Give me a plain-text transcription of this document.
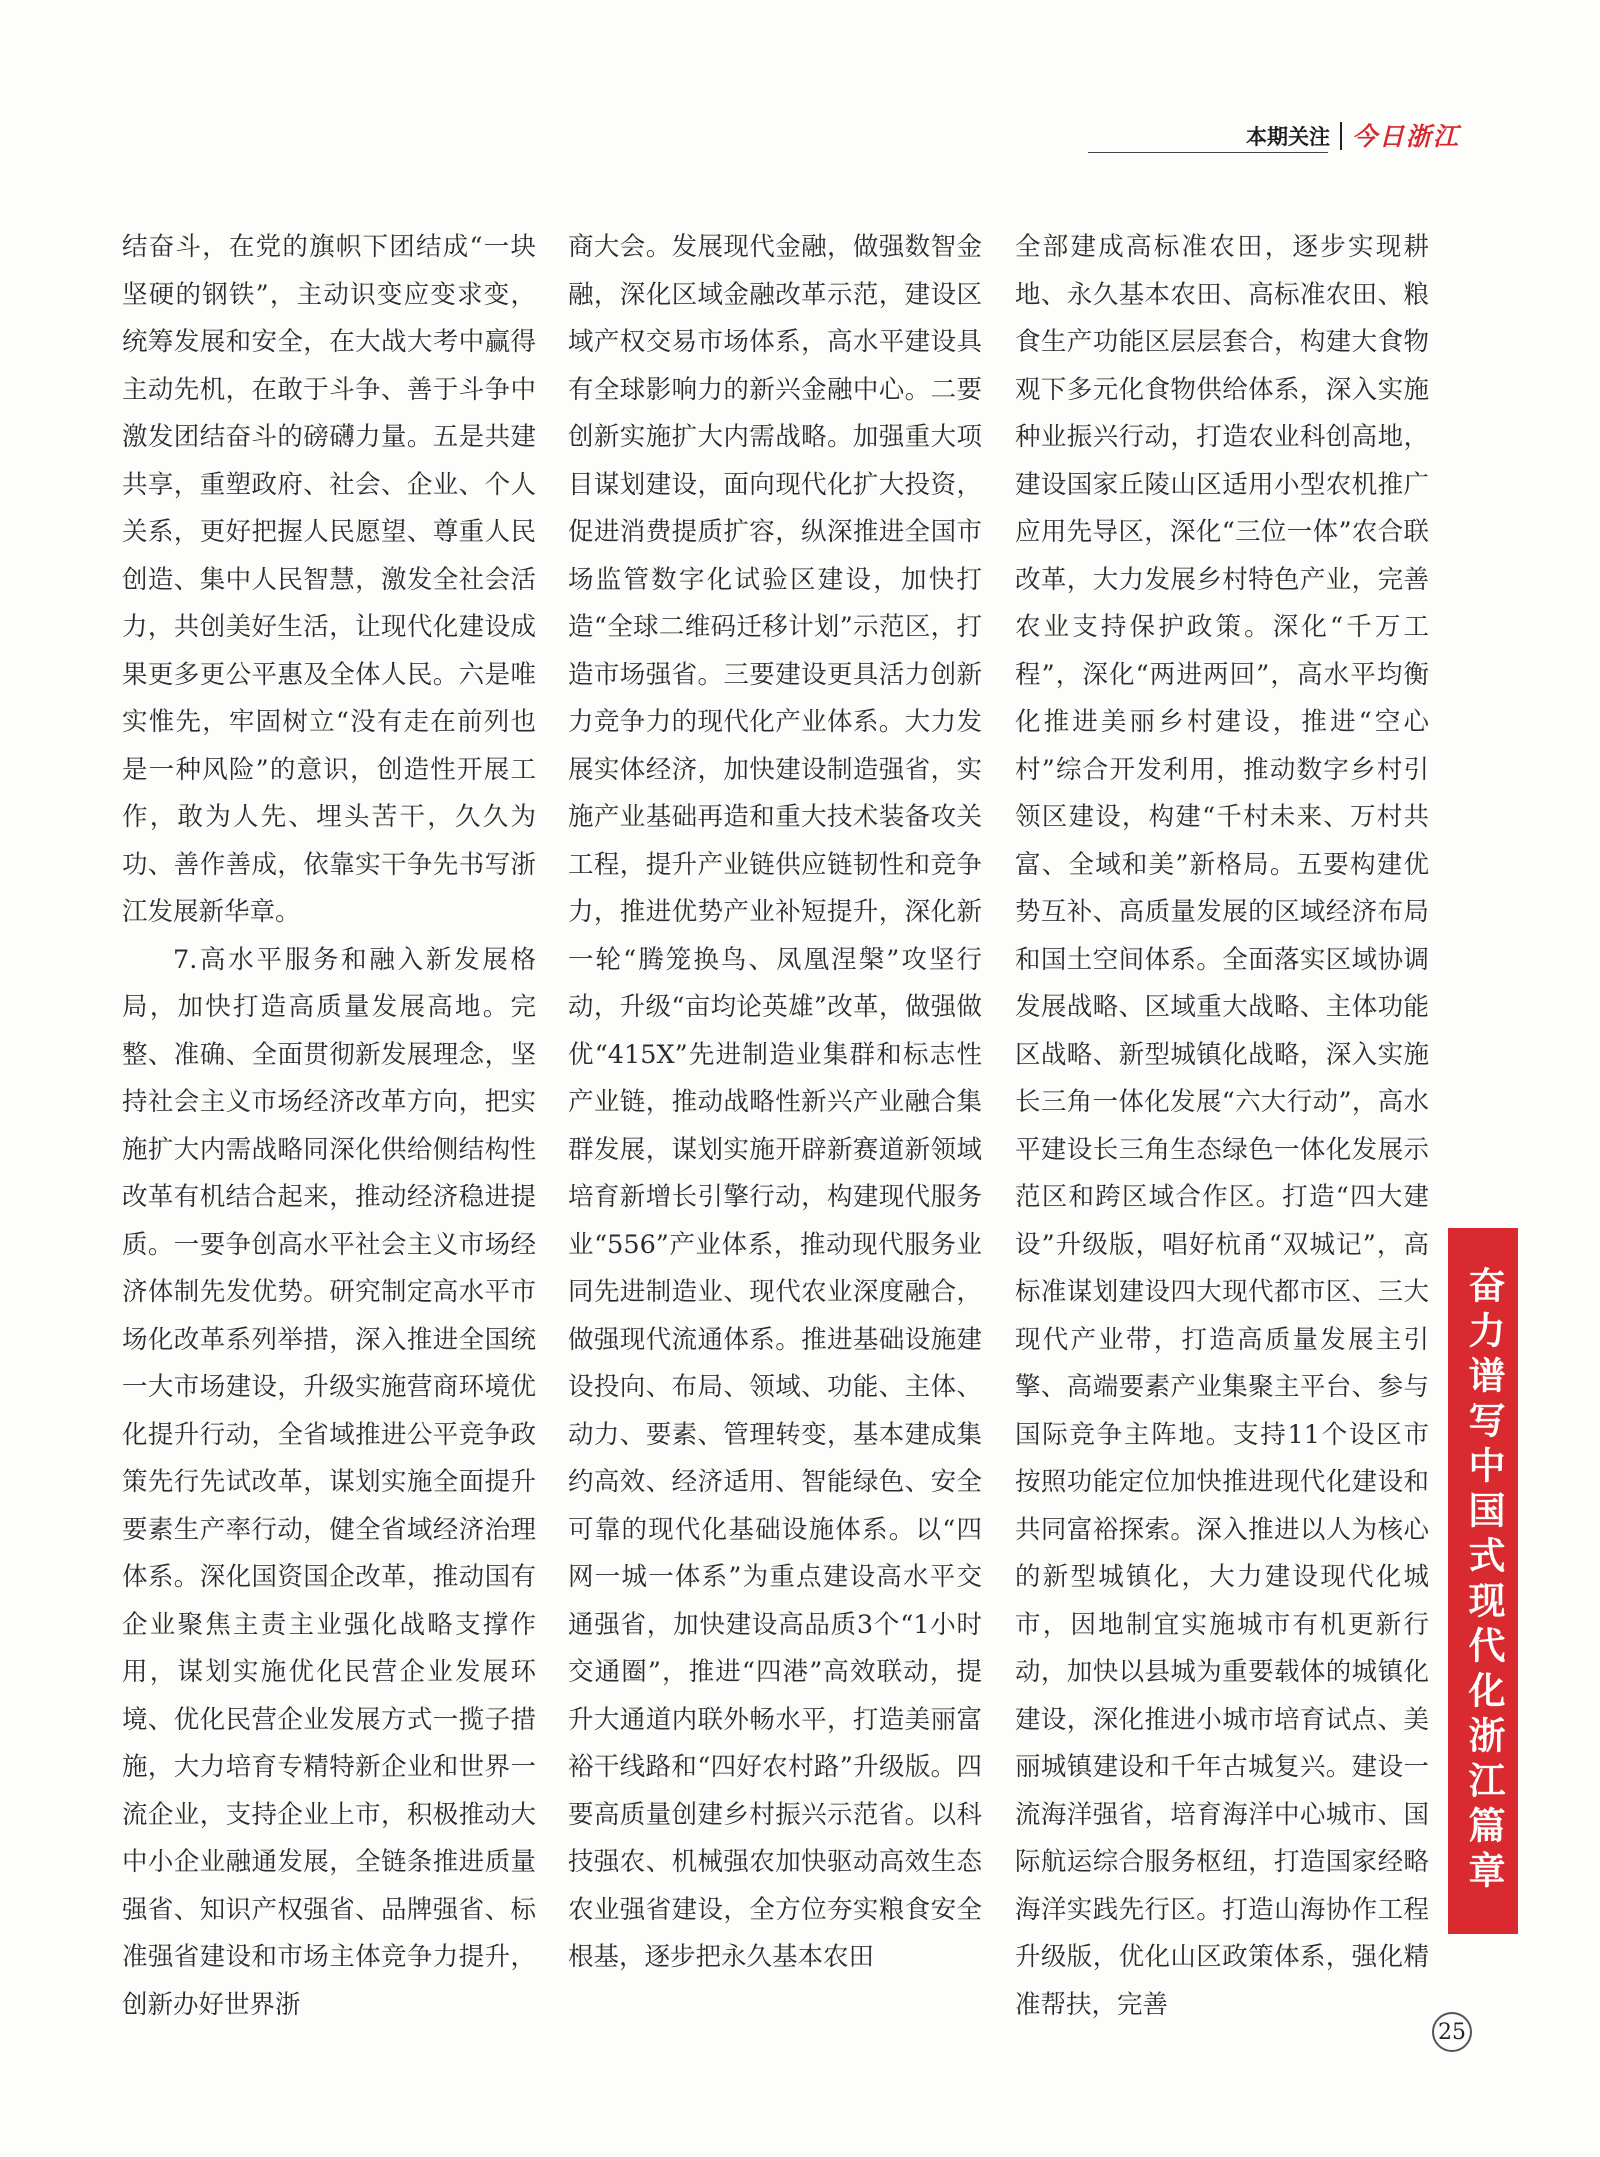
本期关注 今日浙江

结奋斗，在党的旗帜下团结成“一块坚硬的钢铁”，主动识变应变求变，统筹发展和安全，在大战大考中赢得主动先机，在敢于斗争、善于斗争中激发团结奋斗的磅礴力量。五是共建共享，重塑政府、社会、企业、个人关系，更好把握人民愿望、尊重人民创造、集中人民智慧，激发全社会活力，共创美好生活，让现代化建设成果更多更公平惠及全体人民。六是唯实惟先，牢固树立“没有走在前列也是一种风险”的意识，创造性开展工作，敢为人先、埋头苦干，久久为功、善作善成，依靠实干争先书写浙江发展新华章。

7.高水平服务和融入新发展格局，加快打造高质量发展高地。完整、准确、全面贯彻新发展理念，坚持社会主义市场经济改革方向，把实施扩大内需战略同深化供给侧结构性改革有机结合起来，推动经济稳进提质。一要争创高水平社会主义市场经济体制先发优势。研究制定高水平市场化改革系列举措，深入推进全国统一大市场建设，升级实施营商环境优化提升行动，全省域推进公平竞争政策先行先试改革，谋划实施全面提升要素生产率行动，健全省域经济治理体系。深化国资国企改革，推动国有企业聚焦主责主业强化战略支撑作用，谋划实施优化民营企业发展环境、优化民营企业发展方式一揽子措施，大力培育专精特新企业和世界一流企业，支持企业上市，积极推动大中小企业融通发展，全链条推进质量强省、知识产权强省、品牌强省、标准强省建设和市场主体竞争力提升，创新办好世界浙

商大会。发展现代金融，做强数智金融，深化区域金融改革示范，建设区域产权交易市场体系，高水平建设具有全球影响力的新兴金融中心。二要创新实施扩大内需战略。加强重大项目谋划建设，面向现代化扩大投资，促进消费提质扩容，纵深推进全国市场监管数字化试验区建设，加快打造“全球二维码迁移计划”示范区，打造市场强省。三要建设更具活力创新力竞争力的现代化产业体系。大力发展实体经济，加快建设制造强省，实施产业基础再造和重大技术装备攻关工程，提升产业链供应链韧性和竞争力，推进优势产业补短提升，深化新一轮“腾笼换鸟、凤凰涅槃”攻坚行动，升级“亩均论英雄”改革，做强做优“415X”先进制造业集群和标志性产业链，推动战略性新兴产业融合集群发展，谋划实施开辟新赛道新领域培育新增长引擎行动，构建现代服务业“556”产业体系，推动现代服务业同先进制造业、现代农业深度融合，做强现代流通体系。推进基础设施建设投向、布局、领域、功能、主体、动力、要素、管理转变，基本建成集约高效、经济适用、智能绿色、安全可靠的现代化基础设施体系。以“四网一城一体系”为重点建设高水平交通强省，加快建设高品质3个“1小时交通圈”，推进“四港”高效联动，提升大通道内联外畅水平，打造美丽富裕干线路和“四好农村路”升级版。四要高质量创建乡村振兴示范省。以科技强农、机械强农加快驱动高效生态农业强省建设，全方位夯实粮食安全根基，逐步把永久基本农田

全部建成高标准农田，逐步实现耕地、永久基本农田、高标准农田、粮食生产功能区层层套合，构建大食物观下多元化食物供给体系，深入实施种业振兴行动，打造农业科创高地，建设国家丘陵山区适用小型农机推广应用先导区，深化“三位一体”农合联改革，大力发展乡村特色产业，完善农业支持保护政策。深化“千万工程”，深化“两进两回”，高水平均衡化推进美丽乡村建设，推进“空心村”综合开发利用，推动数字乡村引领区建设，构建“千村未来、万村共富、全域和美”新格局。五要构建优势互补、高质量发展的区域经济布局和国土空间体系。全面落实区域协调发展战略、区域重大战略、主体功能区战略、新型城镇化战略，深入实施长三角一体化发展“六大行动”，高水平建设长三角生态绿色一体化发展示范区和跨区域合作区。打造“四大建设”升级版，唱好杭甬“双城记”，高标准谋划建设四大现代都市区、三大现代产业带，打造高质量发展主引擎、高端要素产业集聚主平台、参与国际竞争主阵地。支持11个设区市按照功能定位加快推进现代化建设和共同富裕探索。深入推进以人为核心的新型城镇化，大力建设现代化城市，因地制宜实施城市有机更新行动，加快以县城为重要载体的城镇化建设，深化推进小城市培育试点、美丽城镇建设和千年古城复兴。建设一流海洋强省，培育海洋中心城市、国际航运综合服务枢纽，打造国家经略海洋实践先行区。打造山海协作工程升级版，优化山区政策体系，强化精准帮扶，完善

奋力谱写中国式现代化浙江篇章
25
